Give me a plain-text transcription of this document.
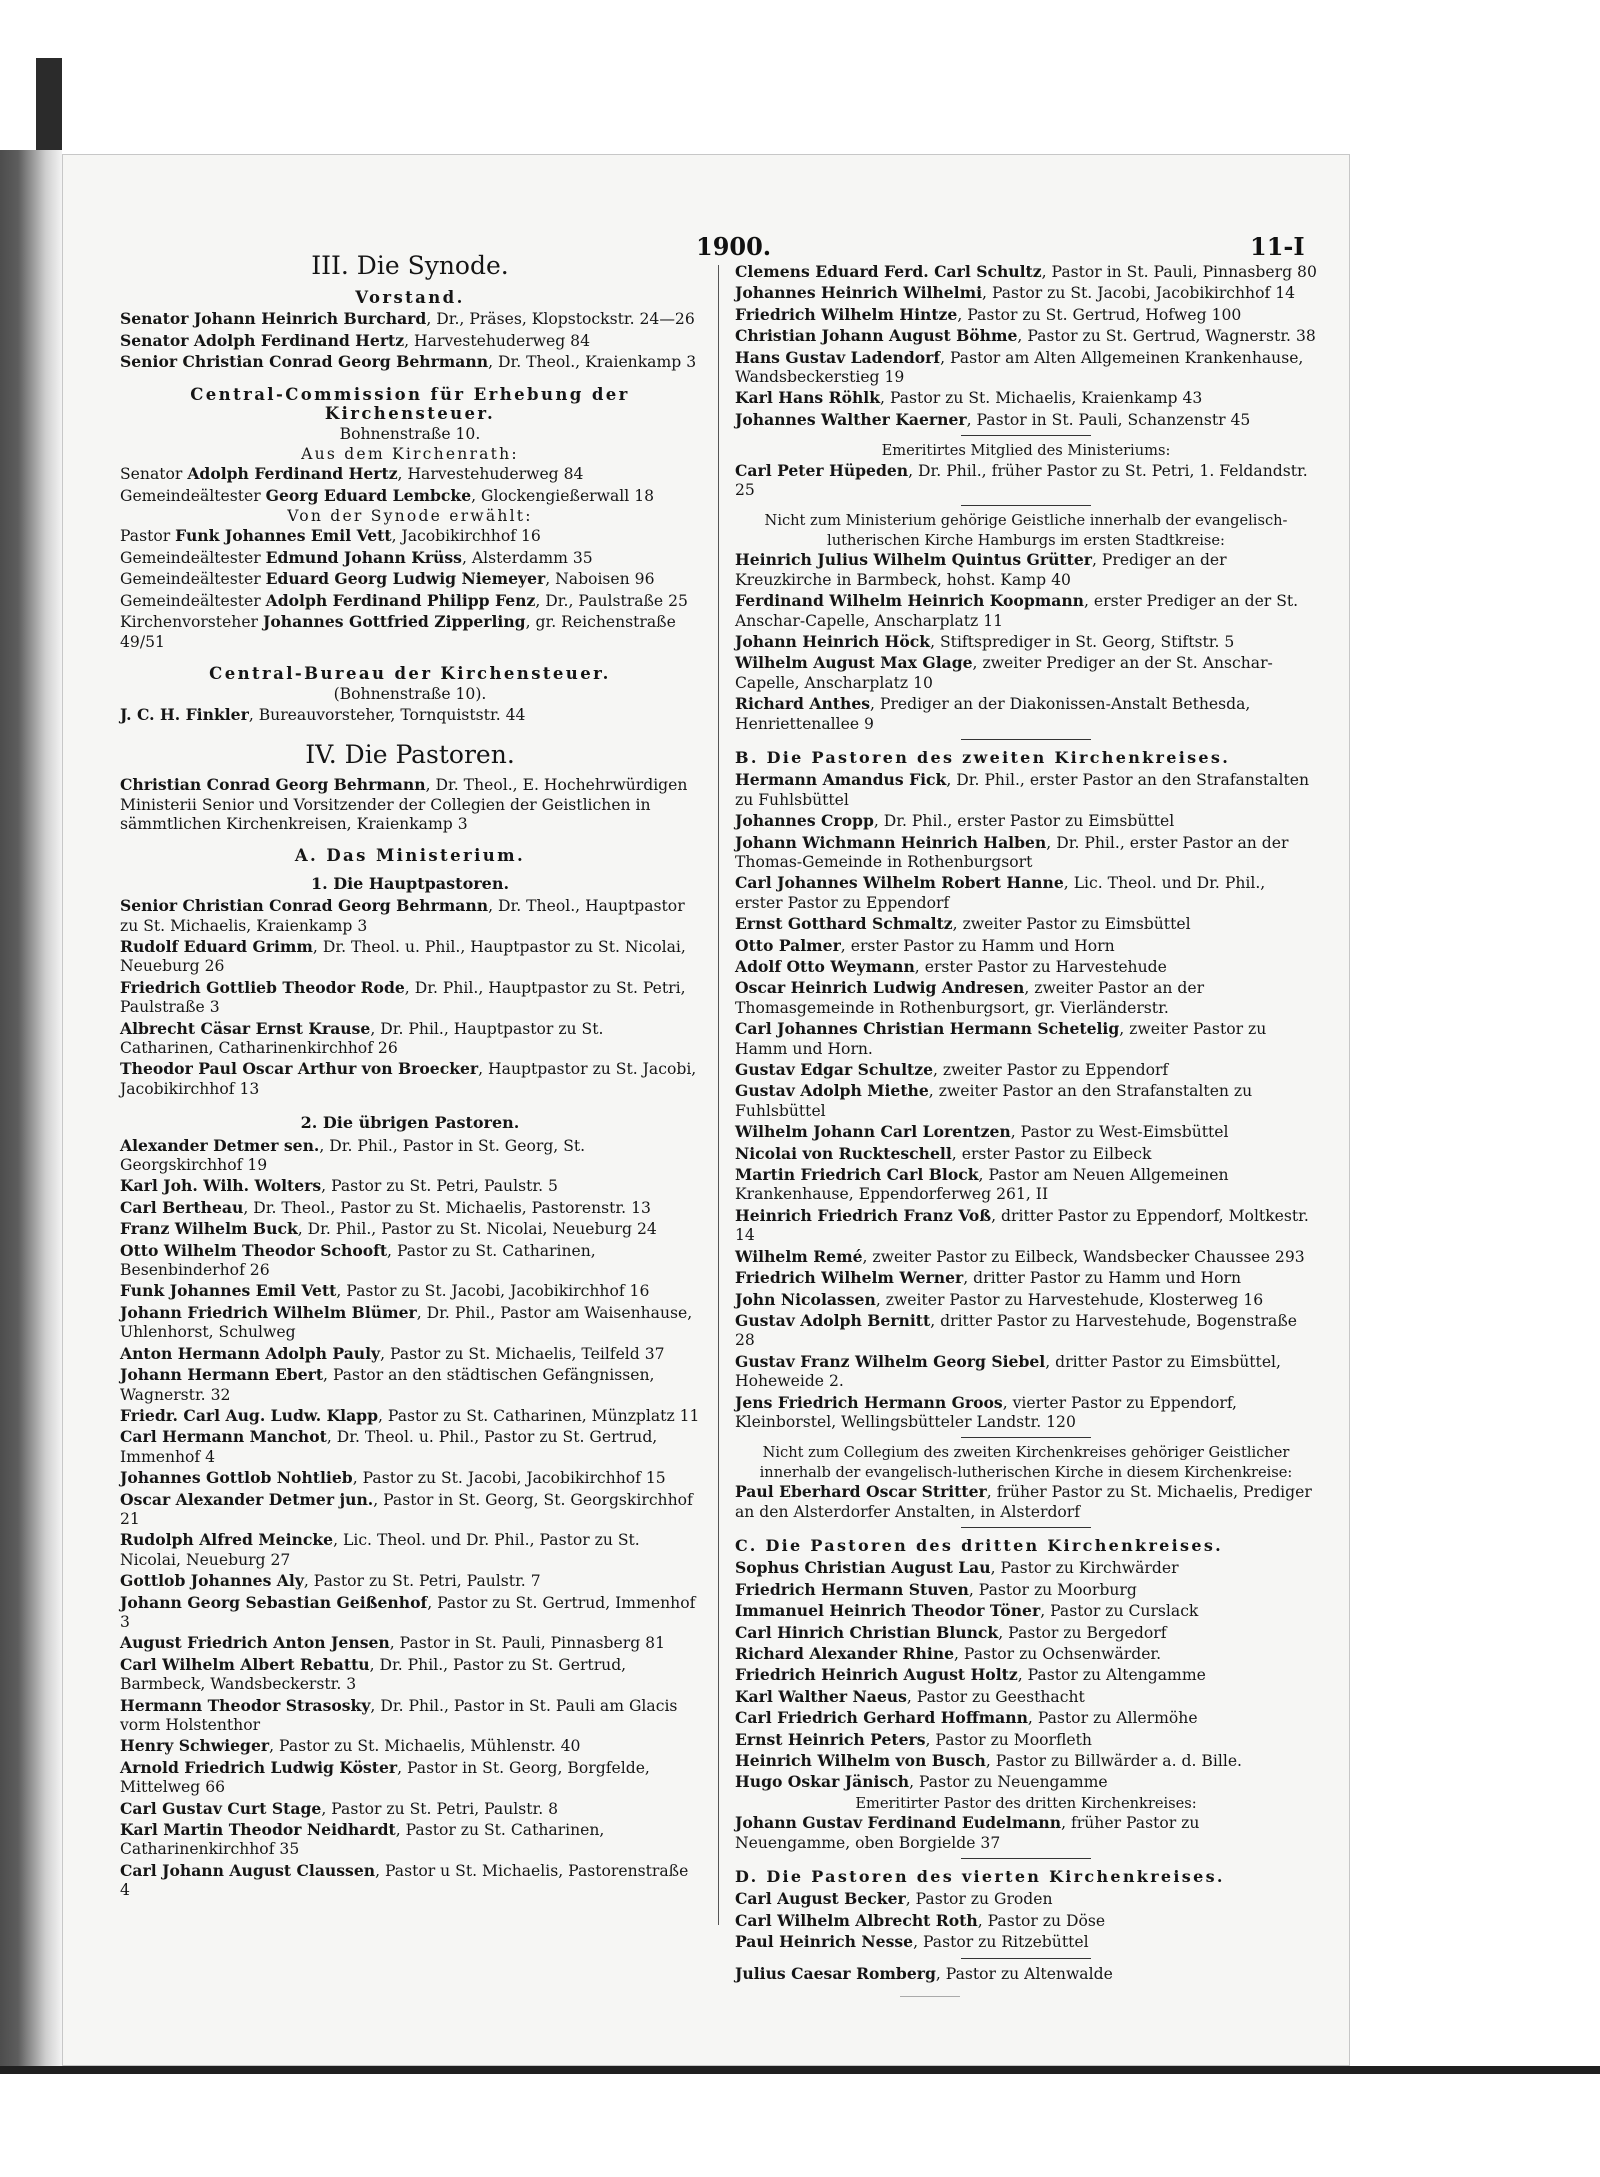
1900.	11-I
III. Die Synode.
Vorstand.
Senator Johann Heinrich Burchard, Dr., Präses, Klopstockstr. 24—26
Senator Adolph Ferdinand Hertz, Harvestehuderweg 84
Senior Christian Conrad Georg Behrmann, Dr. Theol., Kraienkamp 3
Central-Commission für Erhebung der Kirchensteuer.
Bohnenstraße 10.
Aus dem Kirchenrath:
Senator Adolph Ferdinand Hertz, Harvestehuderweg 84
Gemeindeältester Georg Eduard Lembcke, Glockengießerwall 18
Von der Synode erwählt:
Pastor Funk Johannes Emil Vett, Jacobikirchhof 16
Gemeindeältester Edmund Johann Krüss, Alsterdamm 35
Gemeindeältester Eduard Georg Ludwig Niemeyer, Naboisen 96
Gemeindeältester Adolph Ferdinand Philipp Fenz, Dr., Paulstraße 25
Kirchenvorsteher Johannes Gottfried Zipperling, gr. Reichenstraße 49/51
Central-Bureau der Kirchensteuer.
(Bohnenstraße 10).
J. C. H. Finkler, Bureauvorsteher, Tornquiststr. 44
IV. Die Pastoren.
Christian Conrad Georg Behrmann, Dr. Theol., E. Hochehrwürdigen Ministerii Senior und Vorsitzender der Collegien der Geistlichen in sämmtlichen Kirchenkreisen, Kraienkamp 3
A. Das Ministerium.
1. Die Hauptpastoren.
Senior Christian Conrad Georg Behrmann, Dr. Theol., Hauptpastor zu St. Michaelis, Kraienkamp 3
Rudolf Eduard Grimm, Dr. Theol. u. Phil., Hauptpastor zu St. Nicolai, Neueburg 26
Friedrich Gottlieb Theodor Rode, Dr. Phil., Hauptpastor zu St. Petri, Paulstraße 3
Albrecht Cäsar Ernst Krause, Dr. Phil., Hauptpastor zu St. Catharinen, Catharinenkirchhof 26
Theodor Paul Oscar Arthur von Broecker, Hauptpastor zu St. Jacobi, Jacobikirchhof 13
2. Die übrigen Pastoren.
Alexander Detmer sen., Dr. Phil., Pastor in St. Georg, St. Georgskirchhof 19
Karl Joh. Wilh. Wolters, Pastor zu St. Petri, Paulstr. 5
Carl Bertheau, Dr. Theol., Pastor zu St. Michaelis, Pastorenstr. 13
Franz Wilhelm Buck, Dr. Phil., Pastor zu St. Nicolai, Neueburg 24
Otto Wilhelm Theodor Schooft, Pastor zu St. Catharinen, Besenbinderhof 26
Funk Johannes Emil Vett, Pastor zu St. Jacobi, Jacobikirchhof 16
Johann Friedrich Wilhelm Blümer, Dr. Phil., Pastor am Waisenhause, Uhlenhorst, Schulweg
Anton Hermann Adolph Pauly, Pastor zu St. Michaelis, Teilfeld 37
Johann Hermann Ebert, Pastor an den städtischen Gefängnissen, Wagnerstr. 32
Friedr. Carl Aug. Ludw. Klapp, Pastor zu St. Catharinen, Münzplatz 11
Carl Hermann Manchot, Dr. Theol. u. Phil., Pastor zu St. Gertrud, Immenhof 4
Johannes Gottlob Nohtlieb, Pastor zu St. Jacobi, Jacobikirchhof 15
Oscar Alexander Detmer jun., Pastor in St. Georg, St. Georgskirchhof 21
Rudolph Alfred Meincke, Lic. Theol. und Dr. Phil., Pastor zu St. Nicolai, Neueburg 27
Gottlob Johannes Aly, Pastor zu St. Petri, Paulstr. 7
Johann Georg Sebastian Geißenhof, Pastor zu St. Gertrud, Immenhof 3
August Friedrich Anton Jensen, Pastor in St. Pauli, Pinnasberg 81
Carl Wilhelm Albert Rebattu, Dr. Phil., Pastor zu St. Gertrud, Barmbeck, Wandsbeckerstr. 3
Hermann Theodor Strasosky, Dr. Phil., Pastor in St. Pauli am Glacis vorm Holstenthor
Henry Schwieger, Pastor zu St. Michaelis, Mühlenstr. 40
Arnold Friedrich Ludwig Köster, Pastor in St. Georg, Borgfelde, Mittelweg 66
Carl Gustav Curt Stage, Pastor zu St. Petri, Paulstr. 8
Karl Martin Theodor Neidhardt, Pastor zu St. Catharinen, Catharinenkirchhof 35
Carl Johann August Claussen, Pastor u St. Michaelis, Pastorenstraße 4
Clemens Eduard Ferd. Carl Schultz, Pastor in St. Pauli, Pinnasberg 80
Johannes Heinrich Wilhelmi, Pastor zu St. Jacobi, Jacobikirchhof 14
Friedrich Wilhelm Hintze, Pastor zu St. Gertrud, Hofweg 100
Christian Johann August Böhme, Pastor zu St. Gertrud, Wagnerstr. 38
Hans Gustav Ladendorf, Pastor am Alten Allgemeinen Krankenhause, Wandsbeckerstieg 19
Karl Hans Röhlk, Pastor zu St. Michaelis, Kraienkamp 43
Johannes Walther Kaerner, Pastor in St. Pauli, Schanzenstr 45
Emeritirtes Mitglied des Ministeriums:
Carl Peter Hüpeden, Dr. Phil., früher Pastor zu St. Petri, 1. Feldandstr. 25
Nicht zum Ministerium gehörige Geistliche innerhalb der evangelisch-lutherischen Kirche Hamburgs im ersten Stadtkreise:
Heinrich Julius Wilhelm Quintus Grütter, Prediger an der Kreuzkirche in Barmbeck, hohst. Kamp 40
Ferdinand Wilhelm Heinrich Koopmann, erster Prediger an der St. Anschar-Capelle, Anscharplatz 11
Johann Heinrich Höck, Stiftsprediger in St. Georg, Stiftstr. 5
Wilhelm August Max Glage, zweiter Prediger an der St. Anschar-Capelle, Anscharplatz 10
Richard Anthes, Prediger an der Diakonissen-Anstalt Bethesda, Henriettenallee 9
B. Die Pastoren des zweiten Kirchenkreises.
Hermann Amandus Fick, Dr. Phil., erster Pastor an den Strafanstalten zu Fuhlsbüttel
Johannes Cropp, Dr. Phil., erster Pastor zu Eimsbüttel
Johann Wichmann Heinrich Halben, Dr. Phil., erster Pastor an der Thomas-Gemeinde in Rothenburgsort
Carl Johannes Wilhelm Robert Hanne, Lic. Theol. und Dr. Phil., erster Pastor zu Eppendorf
Ernst Gotthard Schmaltz, zweiter Pastor zu Eimsbüttel
Otto Palmer, erster Pastor zu Hamm und Horn
Adolf Otto Weymann, erster Pastor zu Harvestehude
Oscar Heinrich Ludwig Andresen, zweiter Pastor an der Thomasgemeinde in Rothenburgsort, gr. Vierländerstr.
Carl Johannes Christian Hermann Schetelig, zweiter Pastor zu Hamm und Horn.
Gustav Edgar Schultze, zweiter Pastor zu Eppendorf
Gustav Adolph Miethe, zweiter Pastor an den Strafanstalten zu Fuhlsbüttel
Wilhelm Johann Carl Lorentzen, Pastor zu West-Eimsbüttel
Nicolai von Ruckteschell, erster Pastor zu Eilbeck
Martin Friedrich Carl Block, Pastor am Neuen Allgemeinen Krankenhause, Eppendorferweg 261, II
Heinrich Friedrich Franz Voß, dritter Pastor zu Eppendorf, Moltkestr. 14
Wilhelm Remé, zweiter Pastor zu Eilbeck, Wandsbecker Chaussee 293
Friedrich Wilhelm Werner, dritter Pastor zu Hamm und Horn
John Nicolassen, zweiter Pastor zu Harvestehude, Klosterweg 16
Gustav Adolph Bernitt, dritter Pastor zu Harvestehude, Bogenstraße 28
Gustav Franz Wilhelm Georg Siebel, dritter Pastor zu Eimsbüttel, Hoheweide 2.
Jens Friedrich Hermann Groos, vierter Pastor zu Eppendorf, Kleinborstel, Wellingsbütteler Landstr. 120
Nicht zum Collegium des zweiten Kirchenkreises gehöriger Geistlicher innerhalb der evangelisch-lutherischen Kirche in diesem Kirchenkreise:
Paul Eberhard Oscar Stritter, früher Pastor zu St. Michaelis, Prediger an den Alsterdorfer Anstalten, in Alsterdorf
C. Die Pastoren des dritten Kirchenkreises.
Sophus Christian August Lau, Pastor zu Kirchwärder
Friedrich Hermann Stuven, Pastor zu Moorburg
Immanuel Heinrich Theodor Töner, Pastor zu Curslack
Carl Hinrich Christian Blunck, Pastor zu Bergedorf
Richard Alexander Rhine, Pastor zu Ochsenwärder.
Friedrich Heinrich August Holtz, Pastor zu Altengamme
Karl Walther Naeus, Pastor zu Geesthacht
Carl Friedrich Gerhard Hoffmann, Pastor zu Allermöhe
Ernst Heinrich Peters, Pastor zu Moorfleth
Heinrich Wilhelm von Busch, Pastor zu Billwärder a. d. Bille.
Hugo Oskar Jänisch, Pastor zu Neuengamme
Emeritirter Pastor des dritten Kirchenkreises:
Johann Gustav Ferdinand Eudelmann, früher Pastor zu Neuengamme, oben Borgielde 37
D. Die Pastoren des vierten Kirchenkreises.
Carl August Becker, Pastor zu Groden
Carl Wilhelm Albrecht Roth, Pastor zu Döse
Paul Heinrich Nesse, Pastor zu Ritzebüttel
Julius Caesar Romberg, Pastor zu Altenwalde
